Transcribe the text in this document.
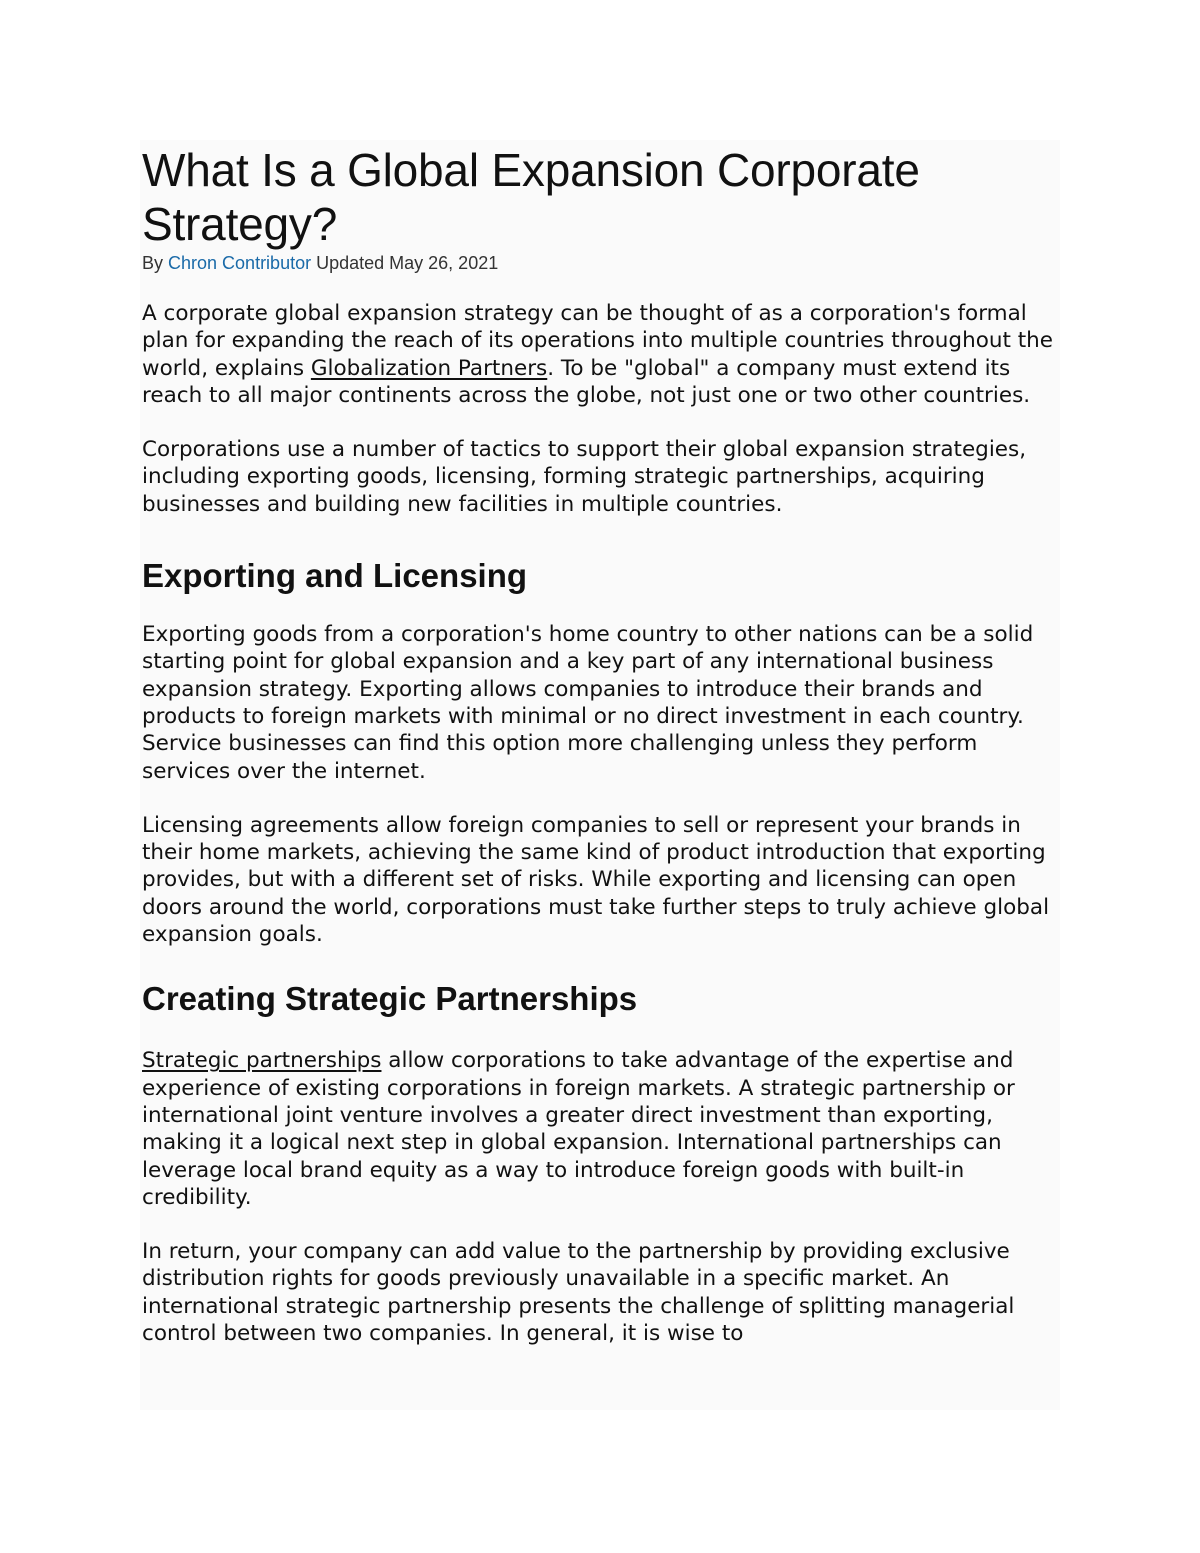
What Is a Global Expansion Corporate Strategy?
By Chron Contributor Updated May 26, 2021

A corporate global expansion strategy can be thought of as a corporation's formal plan for expanding the reach of its operations into multiple countries throughout the world, explains Globalization Partners. To be "global" a company must extend its reach to all major continents across the globe, not just one or two other countries.

Corporations use a number of tactics to support their global expansion strategies, including exporting goods, licensing, forming strategic partnerships, acquiring businesses and building new facilities in multiple countries.

Exporting and Licensing

Exporting goods from a corporation's home country to other nations can be a solid starting point for global expansion and a key part of any international business expansion strategy. Exporting allows companies to introduce their brands and products to foreign markets with minimal or no direct investment in each country. Service businesses can find this option more challenging unless they perform services over the internet.

Licensing agreements allow foreign companies to sell or represent your brands in their home markets, achieving the same kind of product introduction that exporting provides, but with a different set of risks. While exporting and licensing can open doors around the world, corporations must take further steps to truly achieve global expansion goals.

Creating Strategic Partnerships

Strategic partnerships allow corporations to take advantage of the expertise and experience of existing corporations in foreign markets. A strategic partnership or international joint venture involves a greater direct investment than exporting, making it a logical next step in global expansion. International partnerships can leverage local brand equity as a way to introduce foreign goods with built-in credibility.

In return, your company can add value to the partnership by providing exclusive distribution rights for goods previously unavailable in a specific market. An international strategic partnership presents the challenge of splitting managerial control between two companies. In general, it is wise to
